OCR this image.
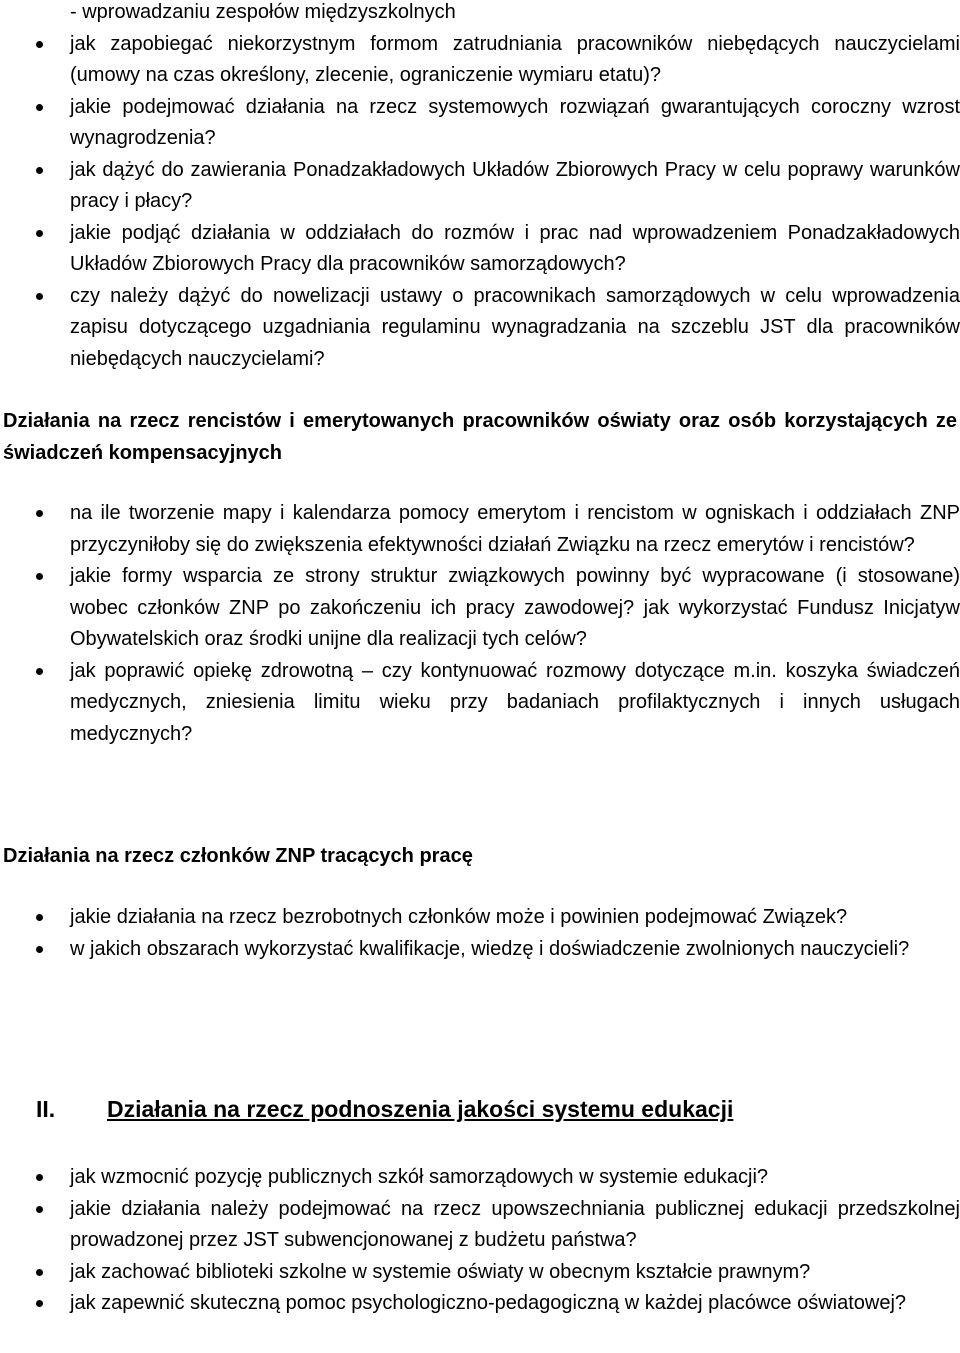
- wprowadzaniu zespołów międzyszkolnych
jak zapobiegać niekorzystnym formom zatrudniania pracowników niebędących nauczycielami (umowy na czas określony, zlecenie, ograniczenie wymiaru etatu)?
jakie podejmować działania na rzecz systemowych rozwiązań gwarantujących coroczny wzrost wynagrodzenia?
jak dążyć do zawierania Ponadzakładowych Układów Zbiorowych Pracy w celu poprawy warunków pracy i płacy?
jakie podjąć działania w oddziałach do rozmów i prac nad wprowadzeniem Ponadzakładowych Układów Zbiorowych Pracy dla pracowników samorządowych?
czy należy dążyć do nowelizacji ustawy o pracownikach samorządowych w celu wprowadzenia zapisu dotyczącego uzgadniania regulaminu wynagradzania na szczeblu JST dla pracowników niebędących nauczycielami?
Działania na rzecz rencistów i emerytowanych pracowników oświaty oraz osób korzystających ze świadczeń kompensacyjnych
na ile tworzenie mapy i kalendarza pomocy emerytom i rencistom w ogniskach i oddziałach ZNP przyczyniłoby się do zwiększenia efektywności działań Związku na rzecz emerytów i rencistów?
jakie formy wsparcia ze strony struktur związkowych powinny być wypracowane (i stosowane) wobec członków ZNP po zakończeniu ich pracy zawodowej? jak wykorzystać Fundusz Inicjatyw Obywatelskich oraz środki unijne dla realizacji tych celów?
jak poprawić opiekę zdrowotną – czy kontynuować rozmowy dotyczące m.in. koszyka świadczeń medycznych, zniesienia limitu wieku przy badaniach profilaktycznych i innych usługach medycznych?
Działania na rzecz członków ZNP tracących pracę
jakie działania na rzecz bezrobotnych członków może i powinien podejmować Związek?
w jakich obszarach wykorzystać kwalifikacje, wiedzę i doświadczenie zwolnionych nauczycieli?
II. Działania na rzecz podnoszenia jakości systemu edukacji
jak wzmocnić pozycję publicznych szkół samorządowych w systemie edukacji?
jakie działania należy podejmować na rzecz upowszechniania publicznej edukacji przedszkolnej prowadzonej przez JST subwencjonowanej z budżetu państwa?
jak zachować biblioteki szkolne w systemie oświaty w obecnym kształcie prawnym?
jak zapewnić skuteczną pomoc psychologiczno-pedagogiczną w każdej placówce oświatowej?
